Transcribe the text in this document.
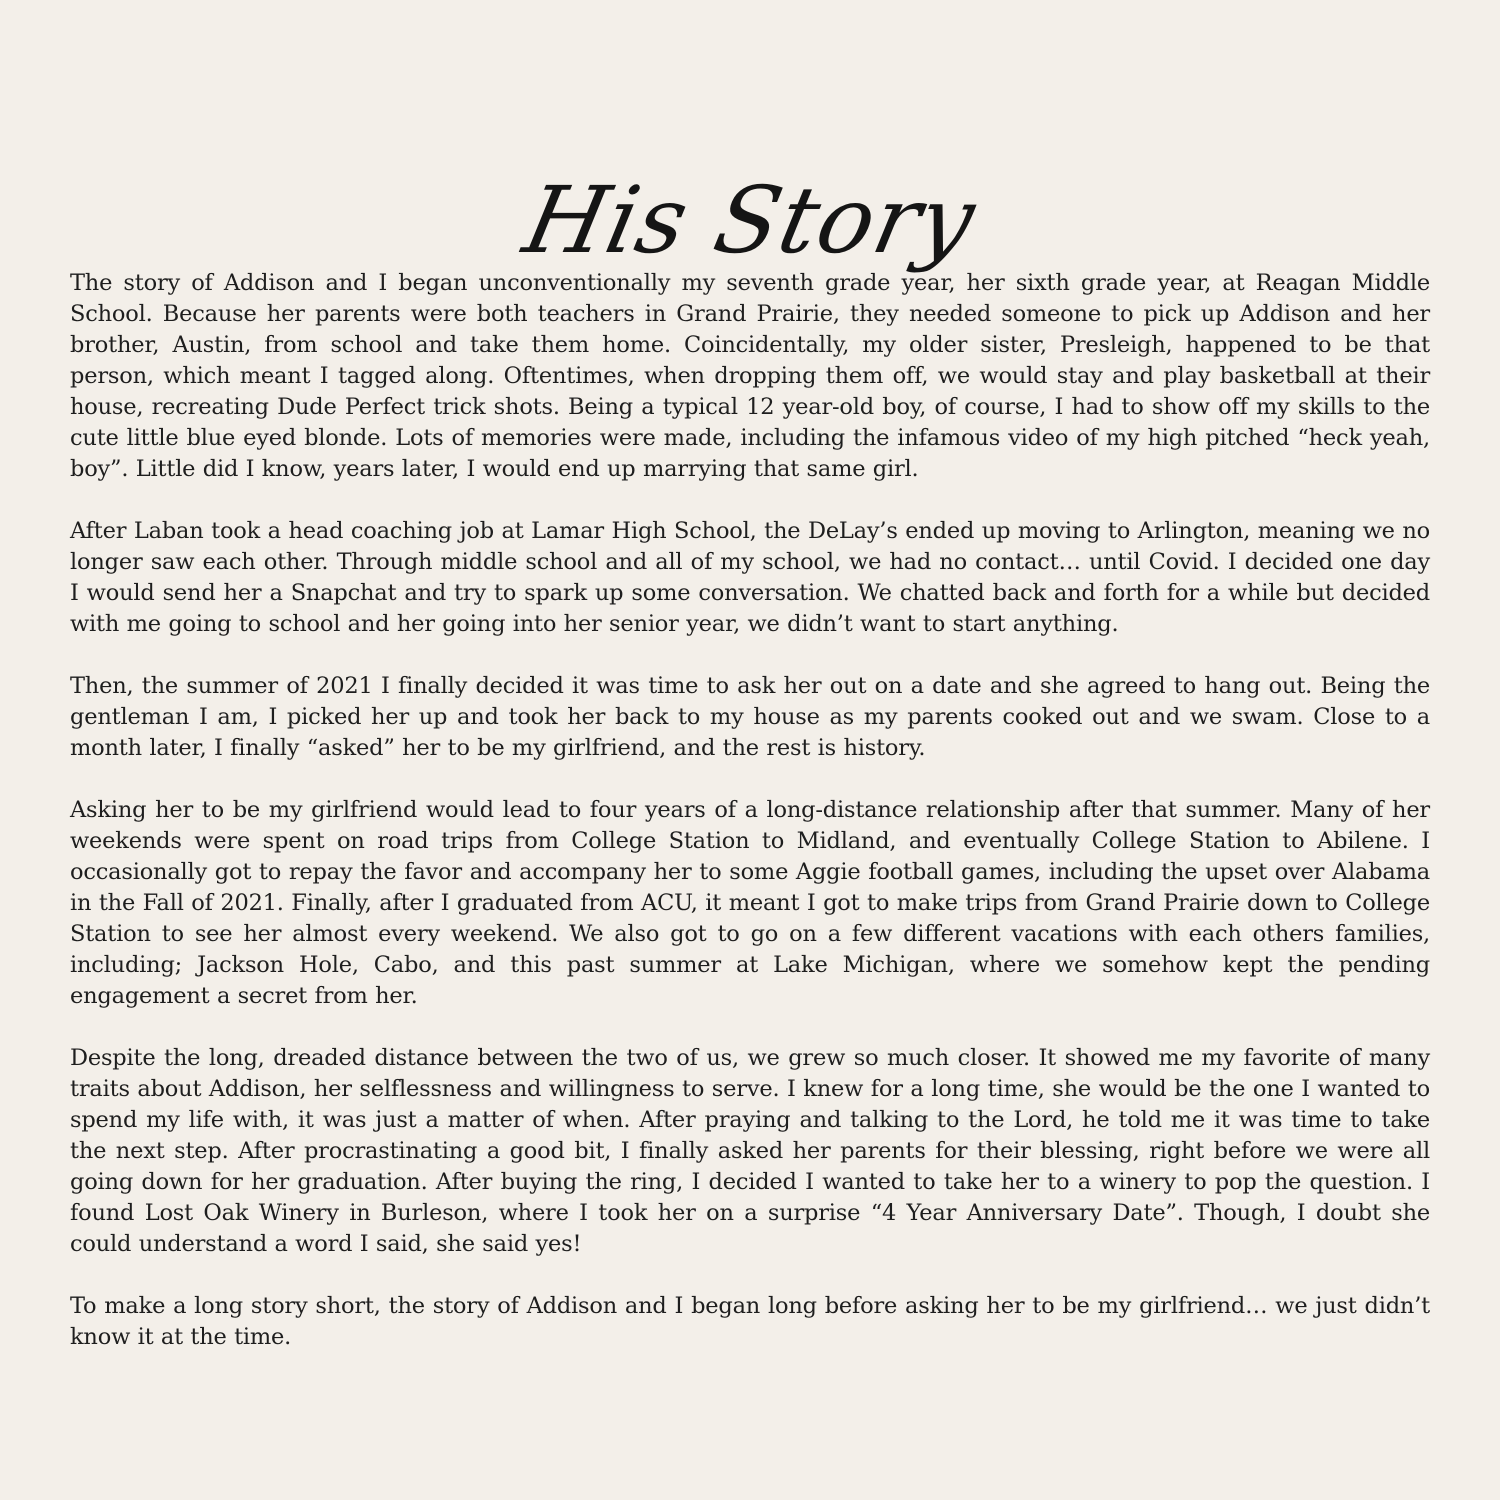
His Story

The story of Addison and I began unconventionally my seventh grade year, her sixth grade year, at Reagan Middle School. Because her parents were both teachers in Grand Prairie, they needed someone to pick up Addison and her brother, Austin, from school and take them home. Coincidentally, my older sister, Presleigh, happened to be that person, which meant I tagged along. Oftentimes, when dropping them off, we would stay and play basketball at their house, recreating Dude Perfect trick shots. Being a typical 12 year-old boy, of course, I had to show off my skills to the cute little blue eyed blonde. Lots of memories were made, including the infamous video of my high pitched “heck yeah, boy”. Little did I know, years later, I would end up marrying that same girl.

After Laban took a head coaching job at Lamar High School, the DeLay’s ended up moving to Arlington, meaning we no longer saw each other. Through middle school and all of my school, we had no contact… until Covid. I decided one day I would send her a Snapchat and try to spark up some conversation. We chatted back and forth for a while but decided with me going to school and her going into her senior year, we didn’t want to start anything.

Then, the summer of 2021 I finally decided it was time to ask her out on a date and she agreed to hang out. Being the gentleman I am, I picked her up and took her back to my house as my parents cooked out and we swam. Close to a month later, I finally “asked” her to be my girlfriend, and the rest is history.

Asking her to be my girlfriend would lead to four years of a long-distance relationship after that summer. Many of her weekends were spent on road trips from College Station to Midland, and eventually College Station to Abilene. I occasionally got to repay the favor and accompany her to some Aggie football games, including the upset over Alabama in the Fall of 2021. Finally, after I graduated from ACU, it meant I got to make trips from Grand Prairie down to College Station to see her almost every weekend. We also got to go on a few different vacations with each others families, including; Jackson Hole, Cabo, and this past summer at Lake Michigan, where we somehow kept the pending engagement a secret from her.

Despite the long, dreaded distance between the two of us, we grew so much closer. It showed me my favorite of many traits about Addison, her selflessness and willingness to serve. I knew for a long time, she would be the one I wanted to spend my life with, it was just a matter of when. After praying and talking to the Lord, he told me it was time to take the next step. After procrastinating a good bit, I finally asked her parents for their blessing, right before we were all going down for her graduation. After buying the ring, I decided I wanted to take her to a winery to pop the question. I found Lost Oak Winery in Burleson, where I took her on a surprise “4 Year Anniversary Date”. Though, I doubt she could understand a word I said, she said yes!

To make a long story short, the story of Addison and I began long before asking her to be my girlfriend… we just didn’t know it at the time.
